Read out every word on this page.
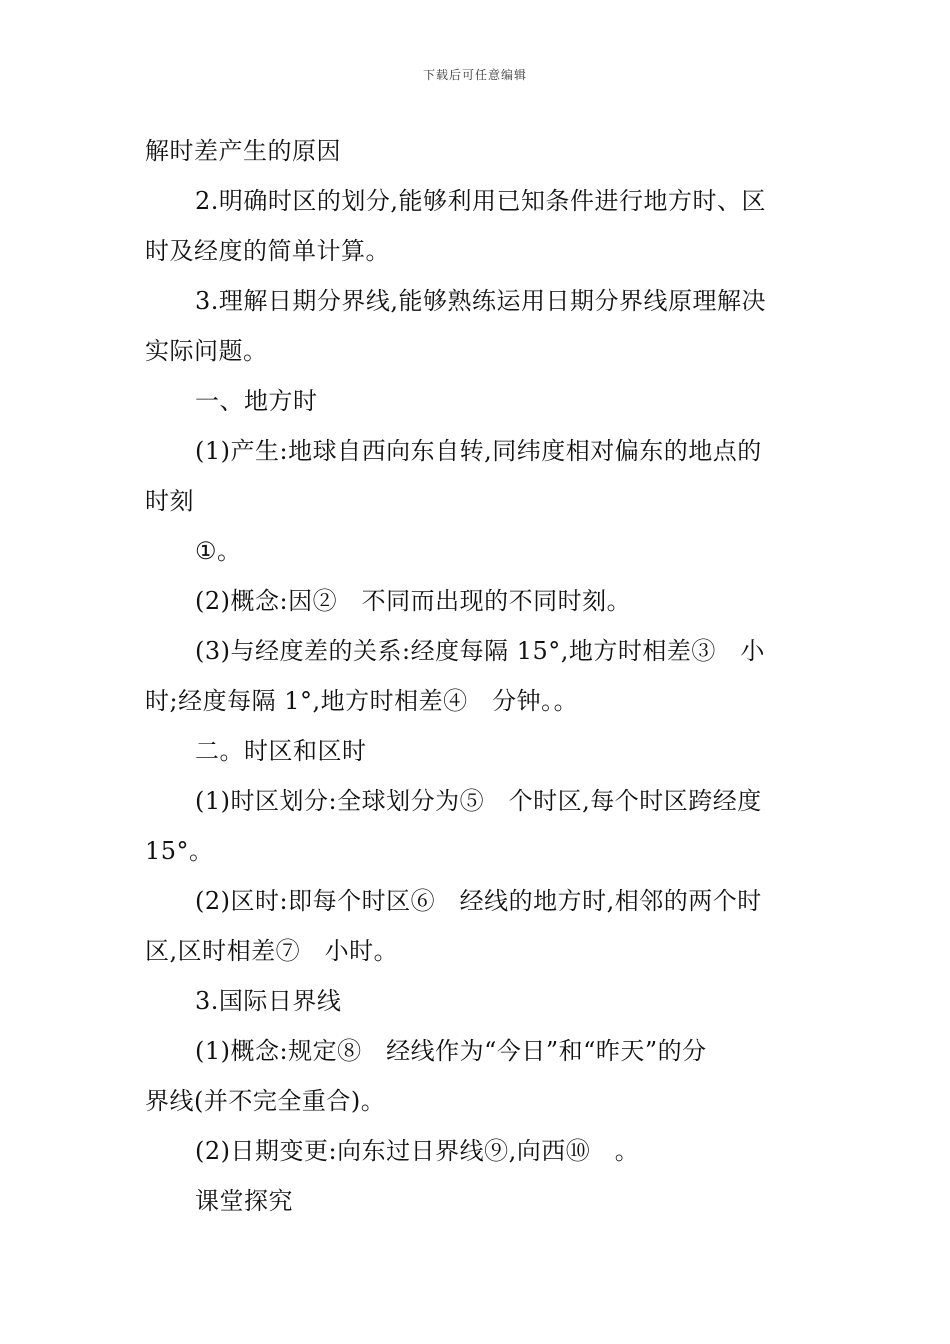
下载后可任意编辑
解时差产生的原因
2.明确时区的划分,能够利用已知条件进行地方时、区
时及经度的简单计算。
3.理解日期分界线,能够熟练运用日期分界线原理解决
实际问题。
一、地方时
(1)产生:地球自西向东自转,同纬度相对偏东的地点的
时刻
①。
(2)概念:因②　不同而出现的不同时刻。
(3)与经度差的关系:经度每隔 15°,地方时相差③　小
时;经度每隔 1°,地方时相差④　分钟。。
二。时区和区时
(1)时区划分:全球划分为⑤　个时区,每个时区跨经度
15°。
(2)区时:即每个时区⑥　经线的地方时,相邻的两个时
区,区时相差⑦　小时。
3.国际日界线
(1)概念:规定⑧　经线作为“今日”和“昨天”的分
界线(并不完全重合)。
(2)日期变更:向东过日界线⑨,向西⑩　。
课堂探究
